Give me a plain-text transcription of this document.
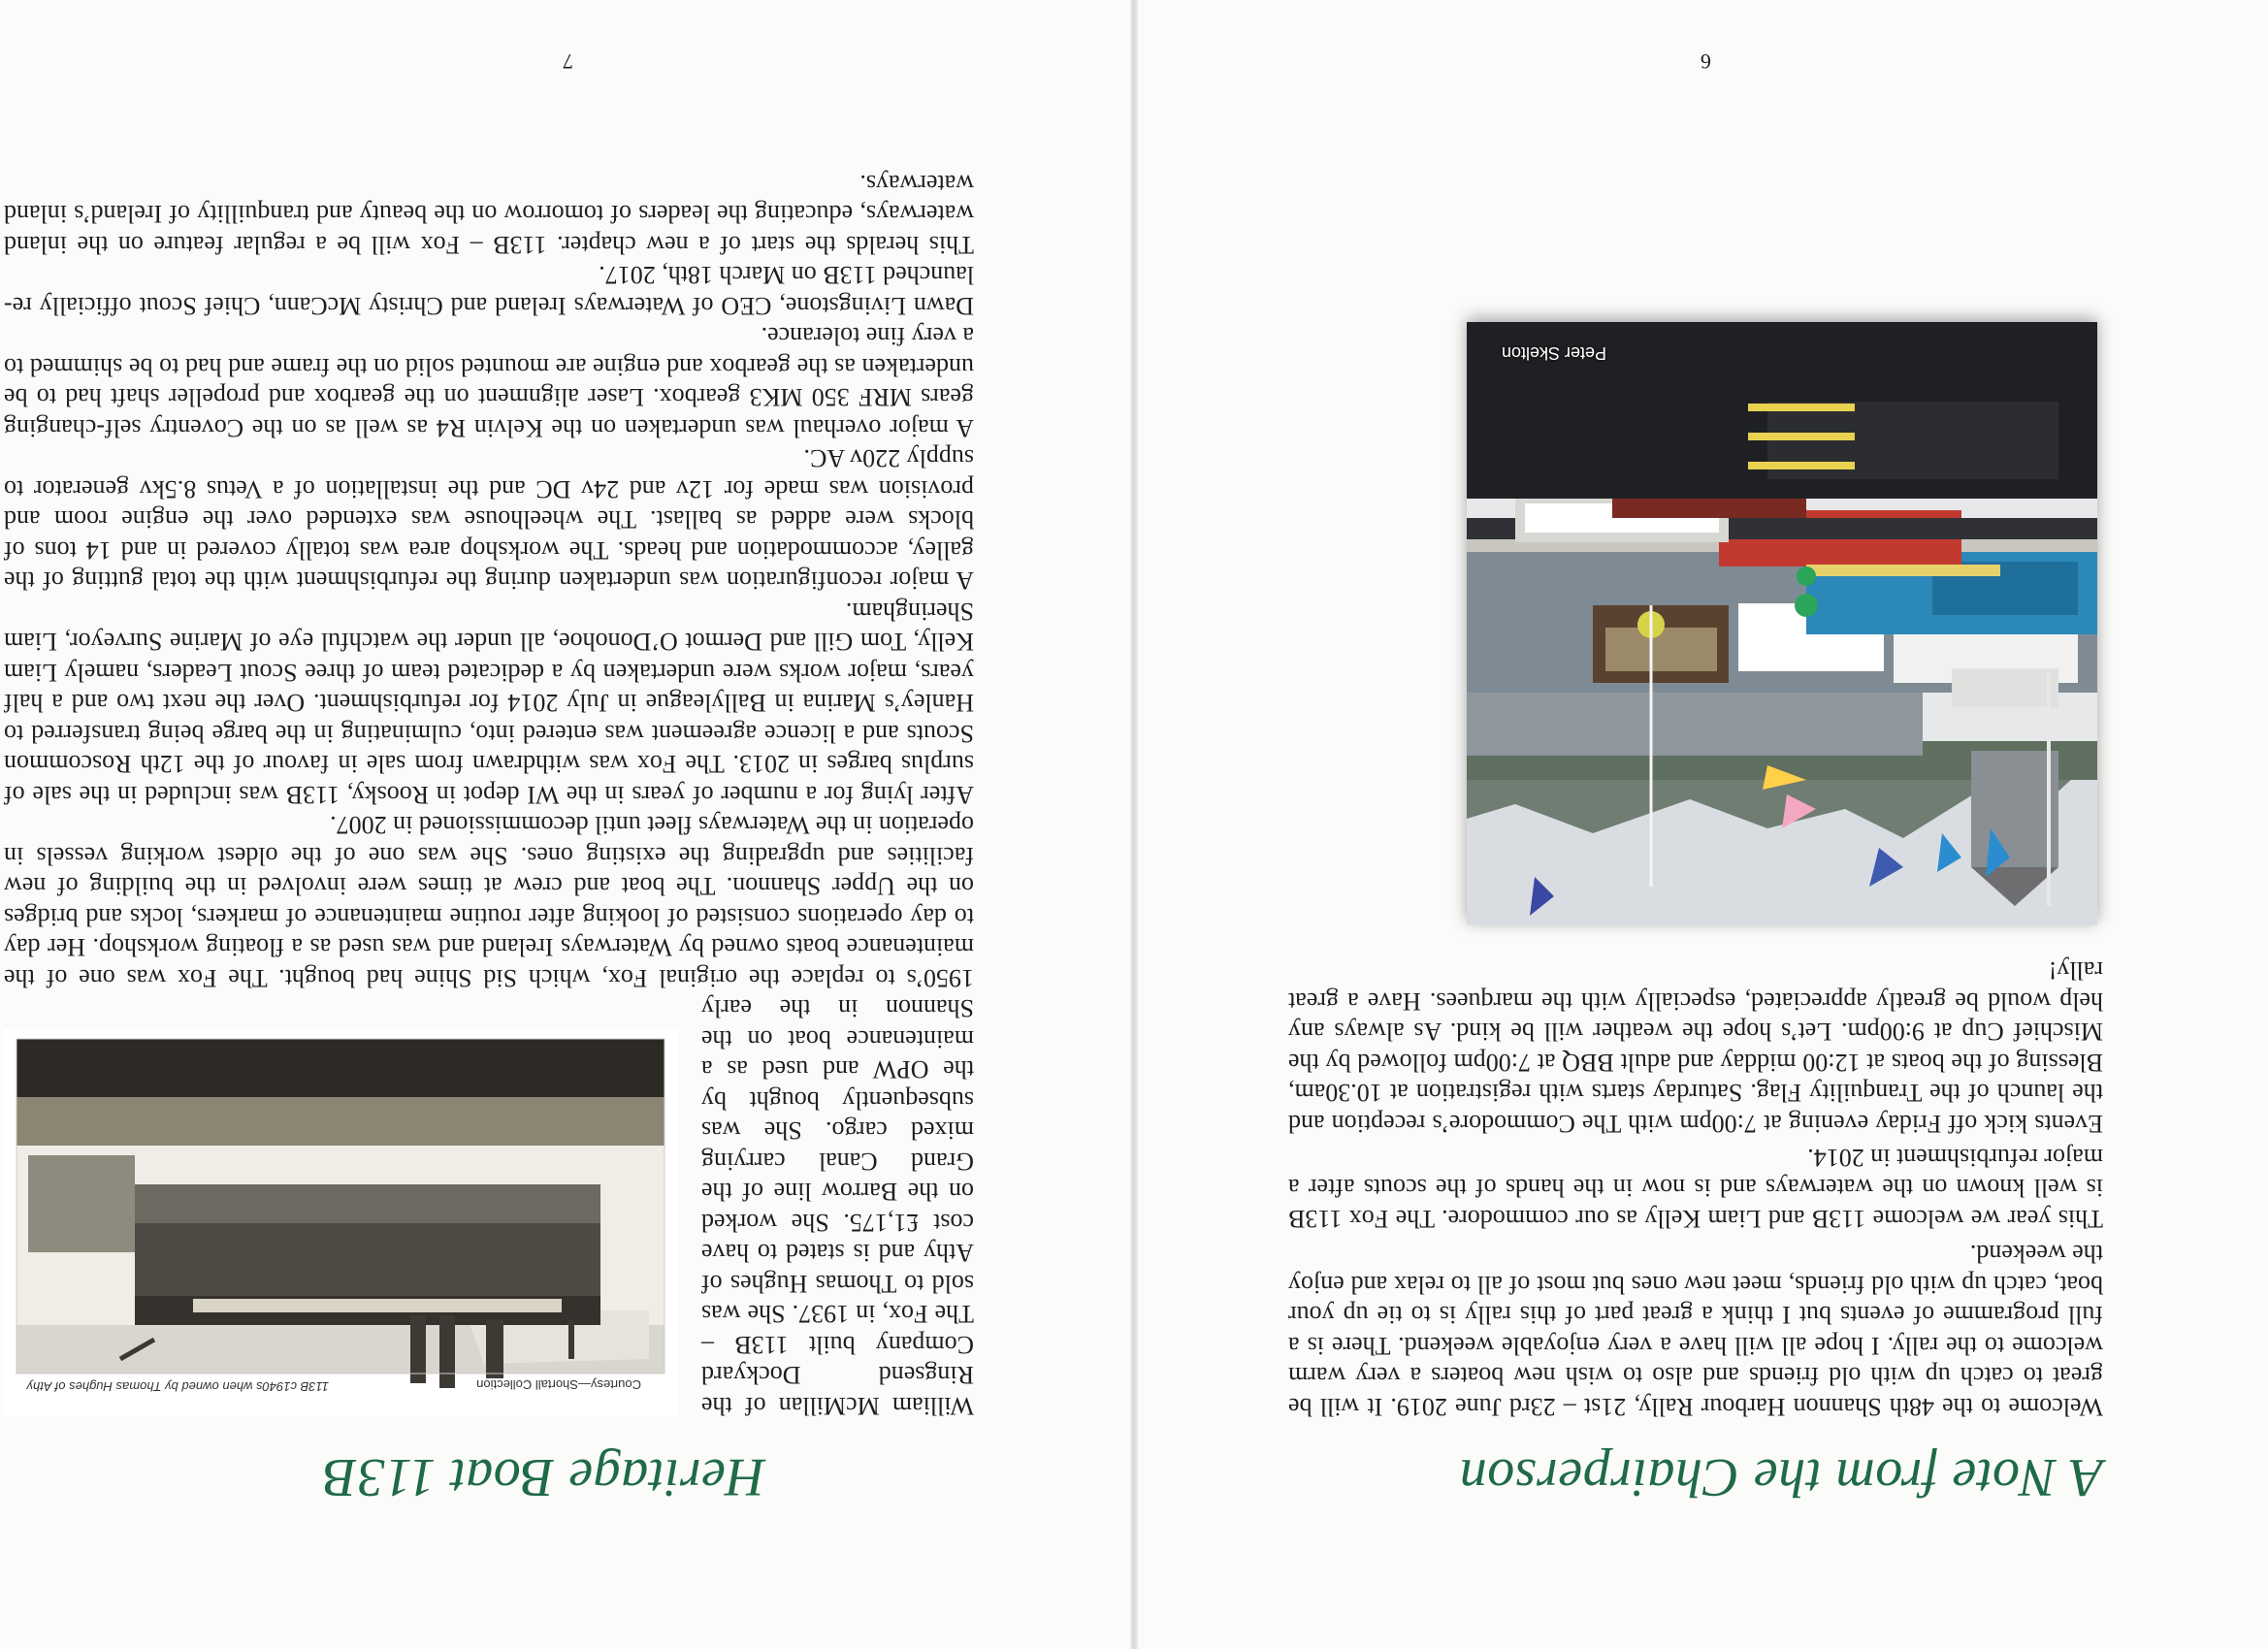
A Note from the Chairperson

Welcome to the 48th Shannon Harbour Rally, 21st – 23rd June 2019. It will be great to catch up with old friends and also to wish new boaters a very warm welcome to the rally. I hope all will have a very enjoyable weekend. There is a full programme of events but I think a great part of this rally is to tie up your boat, catch up with old friends, meet new ones but most of all to relax and enjoy the weekend.

This year we welcome 113B and Liam Kelly as our commodore. The Fox 113B is well known on the waterways and is now in the hands of the scouts after a major refurbishment in 2014.

Events kick off Friday evening at 7:00pm with The Commodore’s reception and the launch of the Tranquility Flag. Saturday starts with registration at 10.30am, Blessing of the boats at 12:00 midday and adult BBQ at 7:00pm followed by the Mischief Cup at 9:00pm. Let’s hope the weather will be kind. As always any help would be greatly appreciated, especially with the marquees. Have a great rally!

Peter Skelton
6
Heritage Boat 113B
113B c1940s when owned by Thomas Hughes of Athy	Courtesy—Shortall Collection

William McMillan of the Ringsend Dockyard Company built 113B – The Fox, in 1937. She was sold to Thomas Hughes of Athy and is stated to have cost £1,175. She worked on the Barrow line of the Grand Canal carrying mixed cargo. She was subsequently bought by the OPW and used as a maintenance boat on the Shannon in the early 1950’s to replace the original Fox, which Sid Shine had bought. The Fox was one of the maintenance boats owned by Waterways Ireland and was used as a floating workshop. Her day to day operations consisted of looking after routine maintenance of markers, locks and bridges on the Upper Shannon. The boat and crew at times were involved in the building of new facilities and upgrading the existing ones. She was one of the oldest working vessels in operation in the Waterways fleet until decommissioned in 2007.

After lying for a number of years in the WI depot in Roosky, 113B was included in the sale of surplus barges in 2013. The Fox was withdrawn from sale in favour of the 12th Roscommon Scouts and a licence agreement was entered into, culminating in the barge being transferred to Hanley’s Marina in Ballyleague in July 2014 for refurbishment. Over the next two and a half years, major works were undertaken by a dedicated team of three Scout Leaders, namely Liam Kelly, Tom Gill and Dermot O’Donohoe, all under the watchful eye of Marine Surveyor, Liam Sheringham.

A major reconfiguration was undertaken during the refurbishment with the total gutting of the galley, accommodation and heads. The workshop area was totally covered in and 14 tons of blocks were added as ballast. The wheelhouse was extended over the engine room and provision was made for 12v and 24v DC and the installation of a Vetus 8.5kv generator to supply 220v AC.

A major overhaul was undertaken on the Kelvin R4 as well as on the Coventry self-changing gears MRF 350 MK3 gearbox. Laser alignment on the gearbox and propeller shaft had to be undertaken as the gearbox and engine are mounted solid on the frame and had to be shimmed to a very fine tolerance.

Dawn Livingstone, CEO of Waterways Ireland and Christy McCann, Chief Scout officially re-launched 113B on March 18th, 2017.

This heralds the start of a new chapter. 113B – Fox will be a regular feature on the inland waterways, educating the leaders of tomorrow on the beauty and tranquillity of Ireland’s inland waterways.

7
